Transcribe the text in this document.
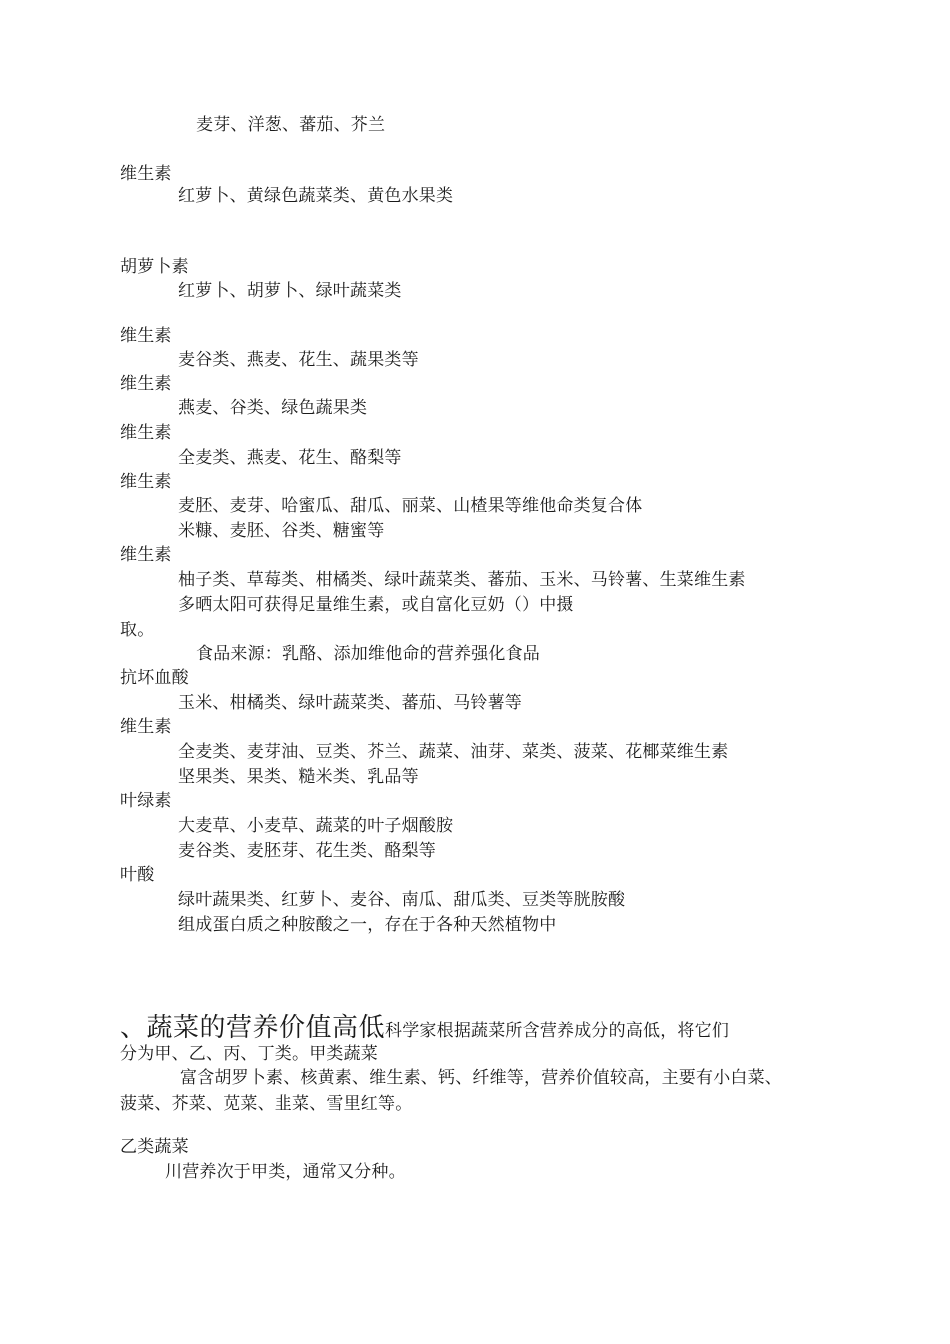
麦芽、洋葱、蕃茄、芥兰
维生素
红萝卜、黄绿色蔬菜类、黄色水果类
胡萝卜素
红萝卜、胡萝卜、绿叶蔬菜类
维生素
麦谷类、燕麦、花生、蔬果类等
维生素
燕麦、谷类、绿色蔬果类
维生素
全麦类、燕麦、花生、酪梨等
维生素
麦胚、麦芽、哈蜜瓜、甜瓜、丽菜、山楂果等维他命类复合体
米糠、麦胚、谷类、糖蜜等
维生素
柚子类、草莓类、柑橘类、绿叶蔬菜类、蕃茄、玉米、马铃薯、生菜维生素
多晒太阳可获得足量维生素，或自富化豆奶（）中摄
取。
食品来源：乳酪、添加维他命的营养强化食品
抗坏血酸
玉米、柑橘类、绿叶蔬菜类、蕃茄、马铃薯等
维生素
全麦类、麦芽油、豆类、芥兰、蔬菜、油芽、菜类、菠菜、花椰菜维生素
坚果类、果类、糙米类、乳品等
叶绿素
大麦草、小麦草、蔬菜的叶子烟酸胺
麦谷类、麦胚芽、花生类、酪梨等
叶酸
绿叶蔬果类、红萝卜、麦谷、南瓜、甜瓜类、豆类等胱胺酸
组成蛋白质之种胺酸之一，存在于各种天然植物中
、蔬菜的营养价值高低科学家根据蔬菜所含营养成分的高低，将它们
分为甲、乙、丙、丁类。甲类蔬菜
富含胡罗卜素、核黄素、维生素、钙、纤维等，营养价值较高，主要有小白菜、
菠菜、芥菜、苋菜、韭菜、雪里红等。
乙类蔬菜
川营养次于甲类，通常又分种。
